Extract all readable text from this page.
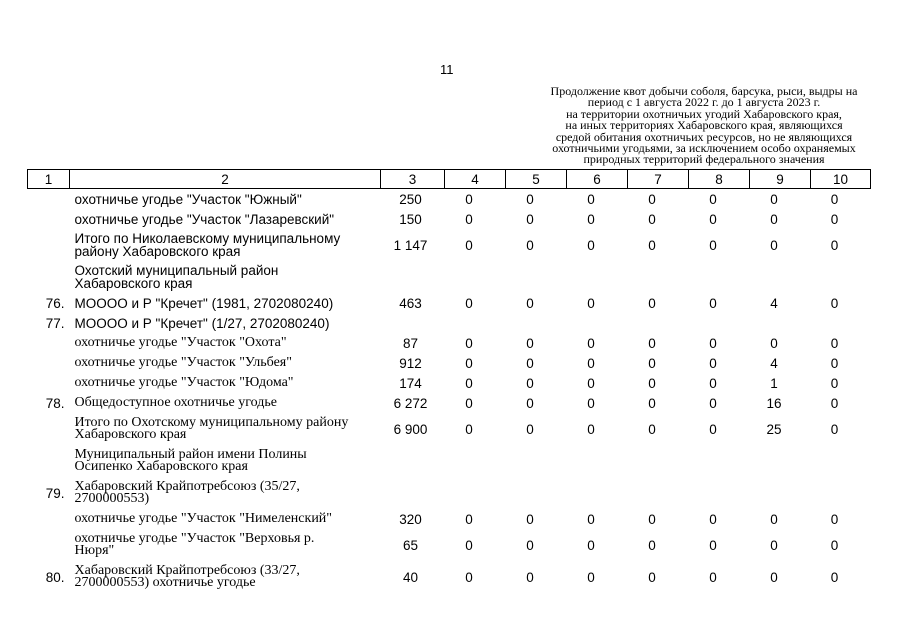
11
Продолжение квот добычи соболя, барсука, рыси, выдры на
период с 1 августа 2022 г. до 1 августа 2023 г.
на территории охотничьих угодий Хабаровского края,
на иных территориях Хабаровского края, являющихся
средой обитания охотничьих ресурсов, но не являющихся
охотничьими угодьями, за исключением особо охраняемых
природных территорий федерального значения
1	2	3	4	5	6	7	8	9	10

	охотничье угодье "Участок "Южный"	250	0	0	0	0	0	0	0

	охотничье угодье "Участок "Лазаревский"	150	0	0	0	0	0	0	0

	Итого по Николаевскому муниципальному
району Хабаровского края	1 147	0	0	0	0	0	0	0

	Охотский муниципальный район
Хабаровского края								

76.	МОООО и Р "Кречет" (1981, 2702080240)	463	0	0	0	0	0	4	0
77.	МОООО и Р "Кречет" (1/27, 2702080240)								

	охотничье угодье "Участок "Охота"	87	0	0	0	0	0	0	0

	охотничье угодье "Участок "Ульбея"	912	0	0	0	0	0	4	0

	охотничье угодье "Участок "Юдома"	174	0	0	0	0	0	1	0
78.	Общедоступное охотничье угодье	6 272	0	0	0	0	0	16	0

	Итого по Охотскому муниципальному району
Хабаровского края	6 900	0	0	0	0	0	25	0

	Муниципальный район имени Полины
Осипенко Хабаровского края								

79.	Хабаровский Крайпотребсоюз (35/27,
2700000553)								

	охотничье угодье "Участок "Нимеленский"	320	0	0	0	0	0	0	0

	охотничье угодье "Участок "Верховья р.
Нюря"	65	0	0	0	0	0	0	0
80.	Хабаровский Крайпотребсоюз (33/27,
2700000553) охотничье угодье	40	0	0	0	0	0	0	0
